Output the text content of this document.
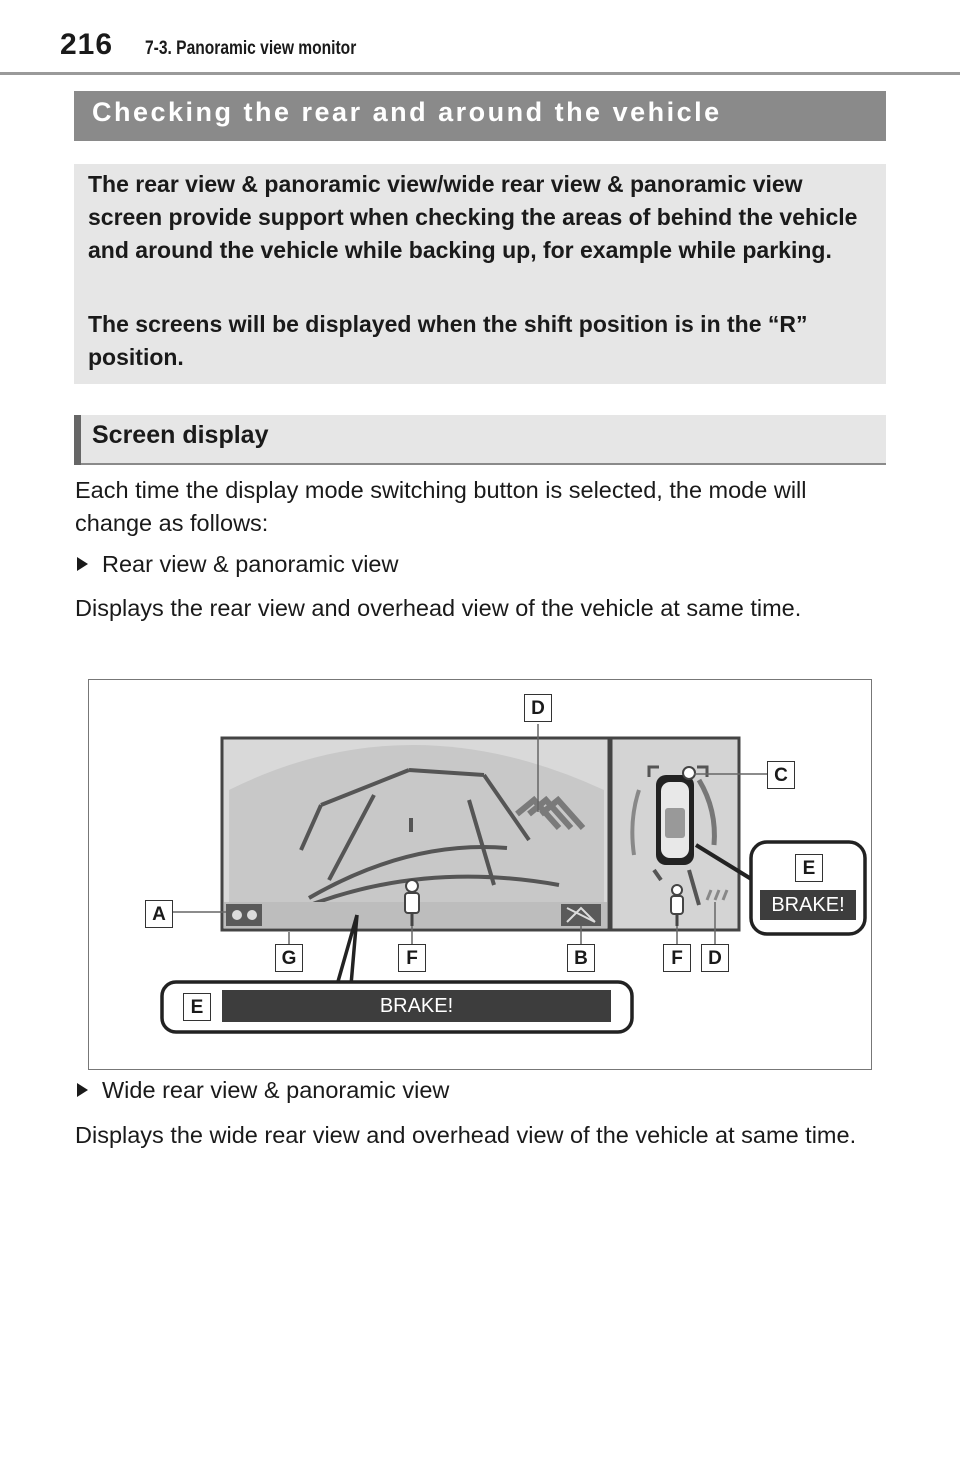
216 7-3. Panoramic view monitor
Checking the rear and around the vehicle
The rear view & panoramic view/wide rear view & panoramic view screen provide support when checking the areas of behind the vehicle and around the vehicle while backing up, for example while parking.
The screens will be displayed when the shift position is in the “R” position.
Screen display
Each time the display mode switching button is selected, the mode will change as follows:
Rear view & panoramic view
Displays the rear view and overhead view of the vehicle at same time.
D
C
E
BRAKE!
A
G	F	B	F	D
E	BRAKE!
Wide rear view & panoramic view
Displays the wide rear view and overhead view of the vehicle at same time.
